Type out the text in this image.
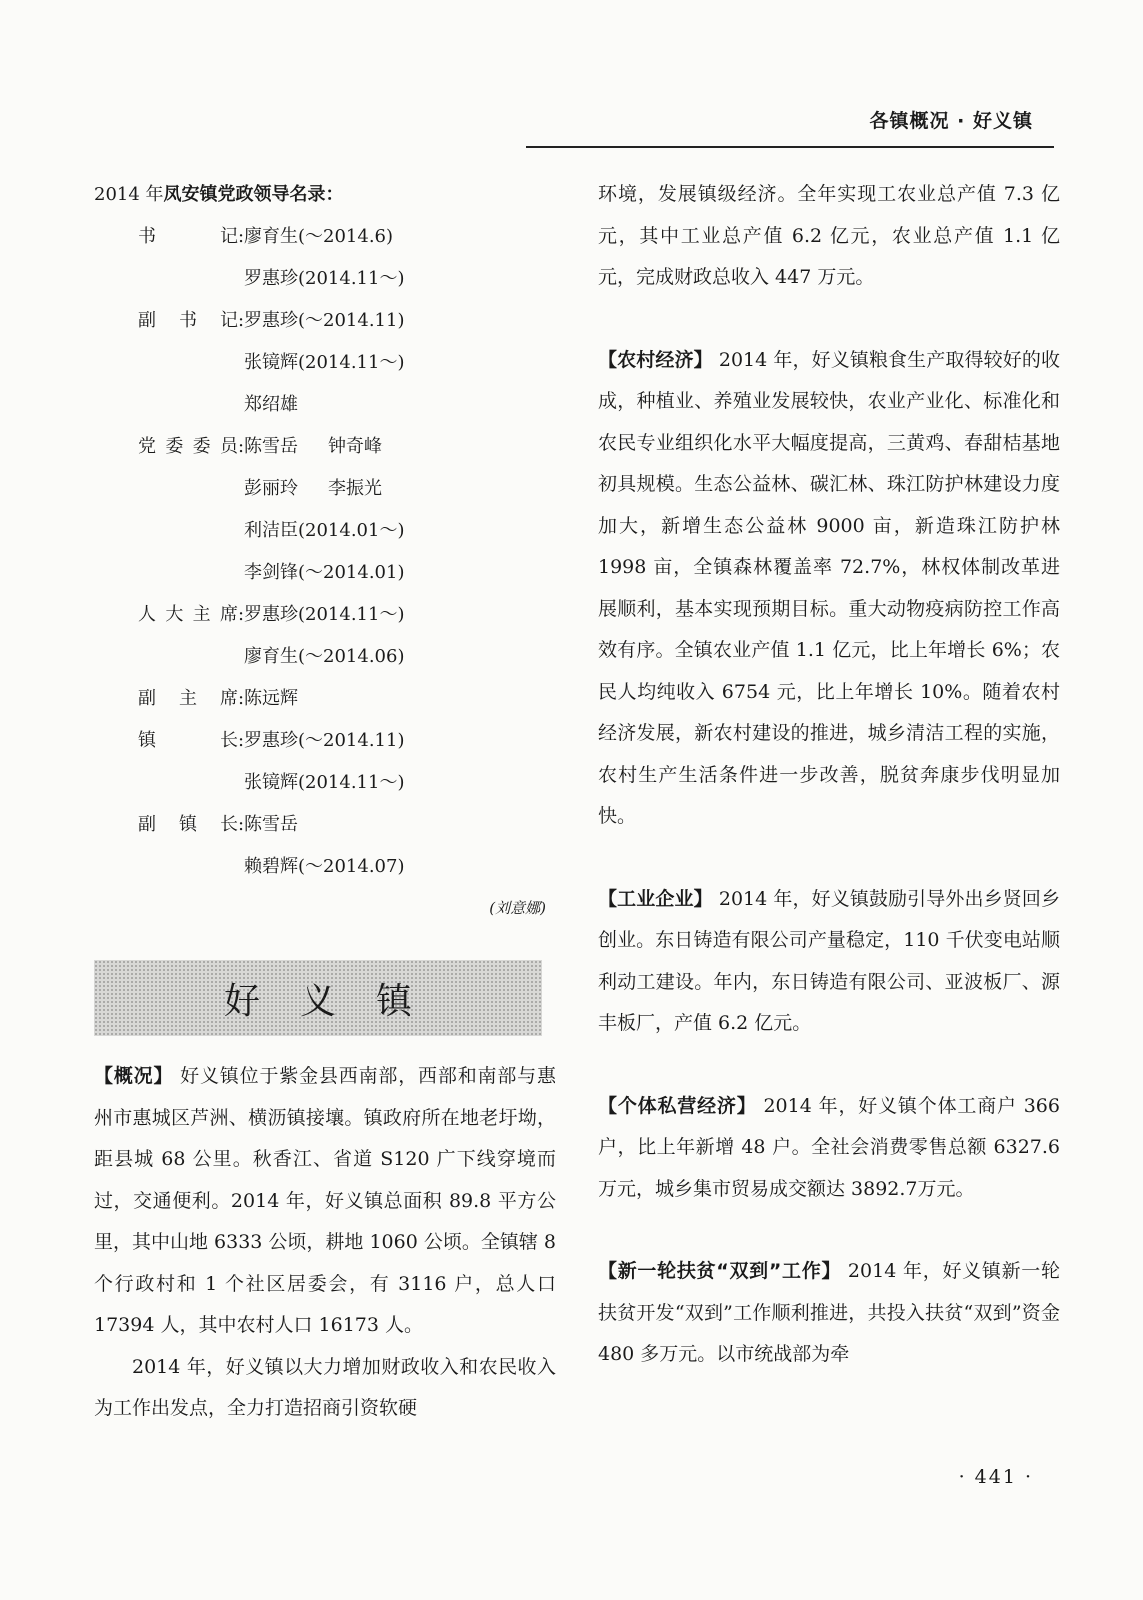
各镇概况 · 好义镇
2014 年凤安镇党政领导名录：
书记 : 廖育生(～2014.6)
罗惠珍(2014.11～)
副书记 : 罗惠珍(～2014.11)
张镜辉(2014.11～)
郑绍雄
党委委员 : 陈雪岳 钟奇峰
彭丽玲 李振光
利洁臣(2014.01～)
李剑锋(～2014.01)
人大主席 : 罗惠珍(2014.11～)
廖育生(～2014.06)
副主席 : 陈远辉
镇长 : 罗惠珍(～2014.11)
张镜辉(2014.11～)
副镇长 : 陈雪岳
赖碧辉(～2014.07)
(刘意娜)
好义镇

【概况】 好义镇位于紫金县西南部，西部和南部与惠州市惠城区芦洲、横沥镇接壤。镇政府所在地老圩坳，距县城 68 公里。秋香江、省道 S120 广下线穿境而过，交通便利。2014 年，好义镇总面积 89.8 平方公里，其中山地 6333 公顷，耕地 1060 公顷。全镇辖 8 个行政村和 1 个社区居委会，有 3116 户，总人口 17394 人，其中农村人口 16173 人。

2014 年，好义镇以大力增加财政收入和农民收入为工作出发点，全力打造招商引资软硬

环境，发展镇级经济。全年实现工农业总产值 7.3 亿元，其中工业总产值 6.2 亿元，农业总产值 1.1 亿元，完成财政总收入 447 万元。

【农村经济】 2014 年，好义镇粮食生产取得较好的收成，种植业、养殖业发展较快，农业产业化、标准化和农民专业组织化水平大幅度提高，三黄鸡、春甜桔基地初具规模。生态公益林、碳汇林、珠江防护林建设力度加大，新增生态公益林 9000 亩，新造珠江防护林 1998 亩，全镇森林覆盖率 72.7%，林权体制改革进展顺利，基本实现预期目标。重大动物疫病防控工作高效有序。全镇农业产值 1.1 亿元，比上年增长 6%；农民人均纯收入 6754 元，比上年增长 10%。随着农村经济发展，新农村建设的推进，城乡清洁工程的实施，农村生产生活条件进一步改善，脱贫奔康步伐明显加快。

【工业企业】 2014 年，好义镇鼓励引导外出乡贤回乡创业。东日铸造有限公司产量稳定，110 千伏变电站顺利动工建设。年内，东日铸造有限公司、亚波板厂、源丰板厂，产值 6.2 亿元。

【个体私营经济】 2014 年，好义镇个体工商户 366 户，比上年新增 48 户。全社会消费零售总额 6327.6 万元，城乡集市贸易成交额达 3892.7万元。

【新一轮扶贫“双到”工作】 2014 年，好义镇新一轮扶贫开发“双到”工作顺利推进，共投入扶贫“双到”资金 480 多万元。以市统战部为牵

· 441 ·
